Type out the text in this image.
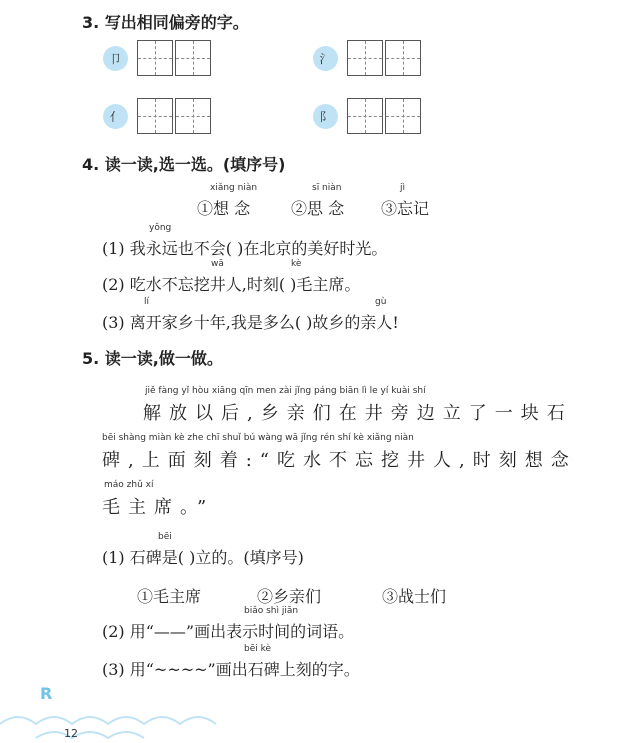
3. 写出相同偏旁的字。
卩	氵
亻	阝
4. 读一读,选一选。(填序号)
xiǎng niàn
①想 念
sī niàn
②思 念
jì
③忘记
yǒng
(1) 我永远也不会( )在北京的美好时光。
wā	kè
(2) 吃水不忘挖井人,时刻( )毛主席。
lí	gù
(3) 离开家乡十年,我是多么( )故乡的亲人!
5. 读一读,做一做。
jiě fàng yǐ hòu xiāng qīn men zài jǐng páng biān lì le yí kuài shí
解放以后,乡亲们在井旁边立了一块石
bēi shàng miàn kè zhe chī shuǐ bú wàng wā jǐng rén shí kè xiǎng niàn
碑,上面刻着:“吃水不忘挖井人,时刻想念
máo zhǔ xí
毛主席。”
bēi
(1) 石碑是( )立的。(填序号)
①毛主席	②乡亲们	③战士们
biǎo shì jiān
(2) 用“——”画出表示时间的词语。
bēi kè
(3) 用“~~~~”画出石碑上刻的字。
R
12
